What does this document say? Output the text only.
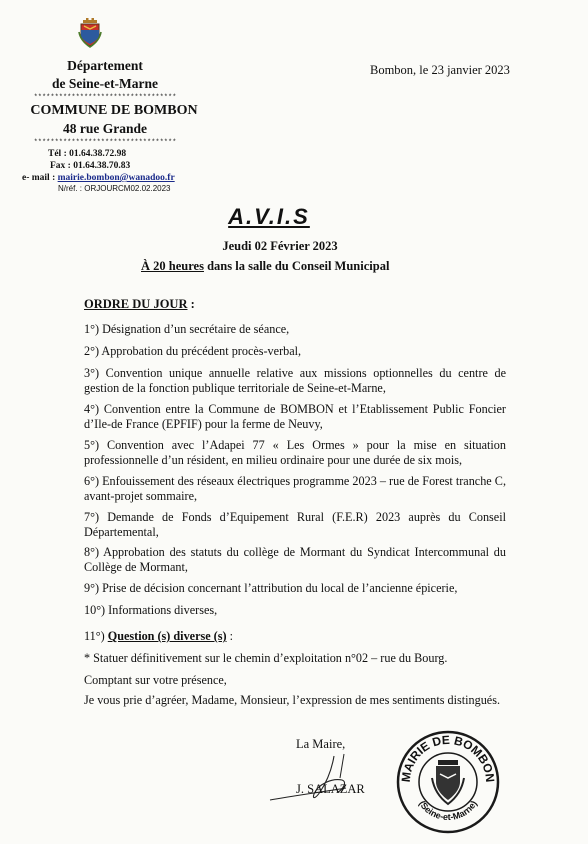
Département
de Seine-et-Marne
**********************************
COMMUNE DE BOMBON
48 rue Grande
**********************************
Tél : 01.64.38.72.98
Fax : 01.64.38.70.83
e- mail : mairie.bombon@wanadoo.fr
N/réf. : ORJOURCM02.02.2023
Bombon, le 23 janvier 2023
A.V.I.S
Jeudi 02 Février 2023
À 20 heures dans la salle du Conseil Municipal
ORDRE DU JOUR :
1°) Désignation d’un secrétaire de séance,
2°) Approbation du précédent procès-verbal,
3°) Convention unique annuelle relative aux missions optionnelles du centre de gestion de la fonction publique territoriale de Seine-et-Marne,
4°) Convention entre la Commune de BOMBON et l’Etablissement Public Foncier d’Ile-de France (EPFIF) pour la ferme de Neuvy,
5°) Convention avec l’Adapei 77 « Les Ormes » pour la mise en situation professionnelle d’un résident, en milieu ordinaire pour une durée de six mois,
6°) Enfouissement des réseaux électriques programme 2023 – rue de Forest tranche C, avant-projet sommaire,
7°) Demande de Fonds d’Equipement Rural (F.E.R) 2023 auprès du Conseil Départemental,
8°) Approbation des statuts du collège de Mormant du Syndicat Intercommunal du Collège de Mormant,
9°) Prise de décision concernant l’attribution du local de l’ancienne épicerie,
10°) Informations diverses,
11°) Question (s) diverse (s) :
* Statuer définitivement sur le chemin d’exploitation n°02 – rue du Bourg.
Comptant sur votre présence,
Je vous prie d’agréer, Madame, Monsieur, l’expression de mes sentiments distingués.
La Maire,
J. SALAZAR
MAIRIE DE BOMBON
(Seine-et-Marne)
